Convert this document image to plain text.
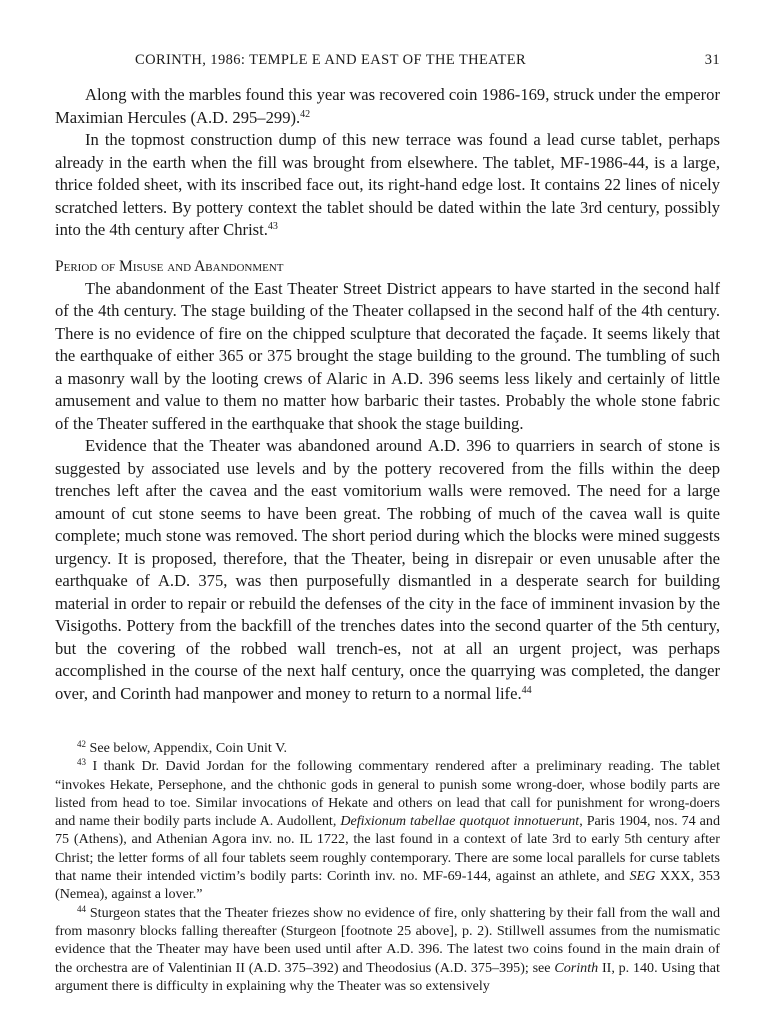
CORINTH, 1986: TEMPLE E AND EAST OF THE THEATER	31

Along with the marbles found this year was recovered coin 1986-169, struck under the emperor Maximian Hercules (A.D. 295–299).$^{42}$

In the topmost construction dump of this new terrace was found a lead curse tablet, perhaps already in the earth when the fill was brought from elsewhere. The tablet, MF-1986-44, is a large, thrice folded sheet, with its inscribed face out, its right-hand edge lost. It contains 22 lines of nicely scratched letters. By pottery context the tablet should be dated within the late 3rd century, possibly into the 4th century after Christ.$^{43}$

Period of Misuse and Abandonment

The abandonment of the East Theater Street District appears to have started in the second half of the 4th century. The stage building of the Theater collapsed in the second half of the 4th century. There is no evidence of fire on the chipped sculpture that decorated the façade. It seems likely that the earthquake of either 365 or 375 brought the stage building to the ground. The tumbling of such a masonry wall by the looting crews of Alaric in A.D. 396 seems less likely and certainly of little amusement and value to them no matter how barbaric their tastes. Probably the whole stone fabric of the Theater suffered in the earthquake that shook the stage building.

Evidence that the Theater was abandoned around A.D. 396 to quarriers in search of stone is suggested by associated use levels and by the pottery recovered from the fills within the deep trenches left after the cavea and the east vomitorium walls were removed. The need for a large amount of cut stone seems to have been great. The robbing of much of the cavea wall is quite complete; much stone was removed. The short period during which the blocks were mined suggests urgency. It is proposed, therefore, that the Theater, being in disrepair or even unusable after the earthquake of A.D. 375, was then purposefully dismantled in a desperate search for building material in order to repair or rebuild the defenses of the city in the face of imminent invasion by the Visigoths. Pottery from the backfill of the trenches dates into the second quarter of the 5th century, but the covering of the robbed wall trench-es, not at all an urgent project, was perhaps accomplished in the course of the next half century, once the quarrying was completed, the danger over, and Corinth had manpower and money to return to a normal life.$^{44}$

$^{42}$ See below, Appendix, Coin Unit V.

$^{43}$ I thank Dr. David Jordan for the following commentary rendered after a preliminary reading. The tablet “invokes Hekate, Persephone, and the chthonic gods in general to punish some wrong-doer, whose bodily parts are listed from head to toe. Similar invocations of Hekate and others on lead that call for punishment for wrong-doers and name their bodily parts include A. Audollent, Defixionum tabellae quotquot innotuerunt, Paris 1904, nos. 74 and 75 (Athens), and Athenian Agora inv. no. IL 1722, the last found in a context of late 3rd to early 5th century after Christ; the letter forms of all four tablets seem roughly contemporary. There are some local parallels for curse tablets that name their intended victim’s bodily parts: Corinth inv. no. MF-69-144, against an athlete, and SEG XXX, 353 (Nemea), against a lover.”

$^{44}$ Sturgeon states that the Theater friezes show no evidence of fire, only shattering by their fall from the wall and from masonry blocks falling thereafter (Sturgeon [footnote 25 above], p. 2). Stillwell assumes from the numismatic evidence that the Theater may have been used until after A.D. 396. The latest two coins found in the main drain of the orchestra are of Valentinian II (A.D. 375–392) and Theodosius (A.D. 375–395); see Corinth II, p. 140. Using that argument there is difficulty in explaining why the Theater was so extensively
